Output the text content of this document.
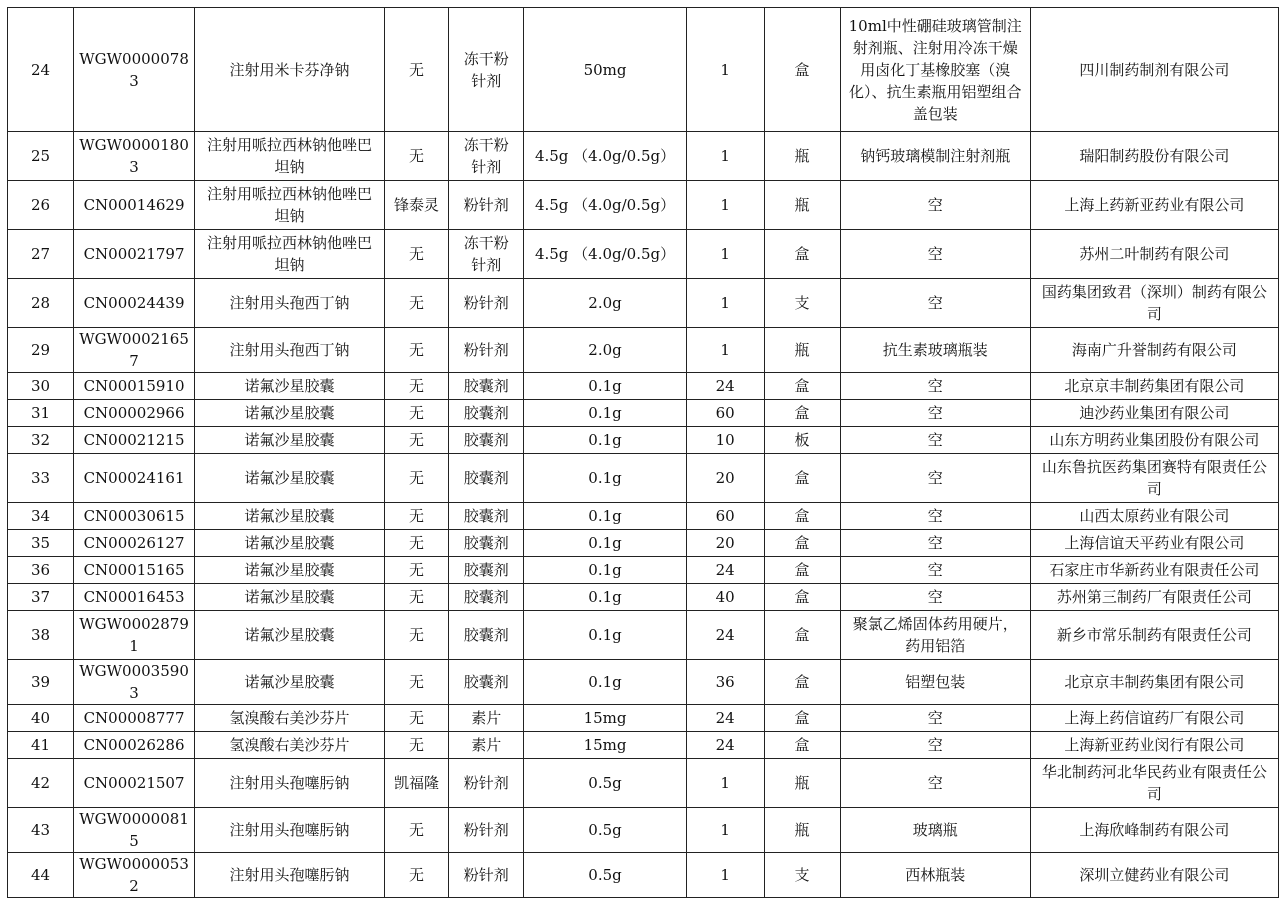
24	WGW00000783	注射用米卡芬净钠	无	冻干粉针剂	50mg	1	盒	10ml中性硼硅玻璃管制注射剂瓶、注射用冷冻干燥用卤化丁基橡胶塞（溴化）、抗生素瓶用铝塑组合盖包装	四川制药制剂有限公司
25	WGW00001803	注射用哌拉西林钠他唑巴坦钠	无	冻干粉针剂	4.5g （4.0g/0.5g）	1	瓶	钠钙玻璃模制注射剂瓶	瑞阳制药股份有限公司
26	CN00014629	注射用哌拉西林钠他唑巴坦钠	锋泰灵	粉针剂	4.5g （4.0g/0.5g）	1	瓶	空	上海上药新亚药业有限公司
27	CN00021797	注射用哌拉西林钠他唑巴坦钠	无	冻干粉针剂	4.5g （4.0g/0.5g）	1	盒	空	苏州二叶制药有限公司
28	CN00024439	注射用头孢西丁钠	无	粉针剂	2.0g	1	支	空	国药集团致君（深圳）制药有限公司
29	WGW00021657	注射用头孢西丁钠	无	粉针剂	2.0g	1	瓶	抗生素玻璃瓶装	海南广升誉制药有限公司
30	CN00015910	诺氟沙星胶囊	无	胶囊剂	0.1g	24	盒	空	北京京丰制药集团有限公司
31	CN00002966	诺氟沙星胶囊	无	胶囊剂	0.1g	60	盒	空	迪沙药业集团有限公司
32	CN00021215	诺氟沙星胶囊	无	胶囊剂	0.1g	10	板	空	山东方明药业集团股份有限公司
33	CN00024161	诺氟沙星胶囊	无	胶囊剂	0.1g	20	盒	空	山东鲁抗医药集团赛特有限责任公司
34	CN00030615	诺氟沙星胶囊	无	胶囊剂	0.1g	60	盒	空	山西太原药业有限公司
35	CN00026127	诺氟沙星胶囊	无	胶囊剂	0.1g	20	盒	空	上海信谊天平药业有限公司
36	CN00015165	诺氟沙星胶囊	无	胶囊剂	0.1g	24	盒	空	石家庄市华新药业有限责任公司
37	CN00016453	诺氟沙星胶囊	无	胶囊剂	0.1g	40	盒	空	苏州第三制药厂有限责任公司
38	WGW00028791	诺氟沙星胶囊	无	胶囊剂	0.1g	24	盒	聚氯乙烯固体药用硬片，药用铝箔	新乡市常乐制药有限责任公司
39	WGW00035903	诺氟沙星胶囊	无	胶囊剂	0.1g	36	盒	铝塑包装	北京京丰制药集团有限公司
40	CN00008777	氢溴酸右美沙芬片	无	素片	15mg	24	盒	空	上海上药信谊药厂有限公司
41	CN00026286	氢溴酸右美沙芬片	无	素片	15mg	24	盒	空	上海新亚药业闵行有限公司
42	CN00021507	注射用头孢噻肟钠	凯福隆	粉针剂	0.5g	1	瓶	空	华北制药河北华民药业有限责任公司
43	WGW00000815	注射用头孢噻肟钠	无	粉针剂	0.5g	1	瓶	玻璃瓶	上海欣峰制药有限公司
44	WGW00000532	注射用头孢噻肟钠	无	粉针剂	0.5g	1	支	西林瓶装	深圳立健药业有限公司
